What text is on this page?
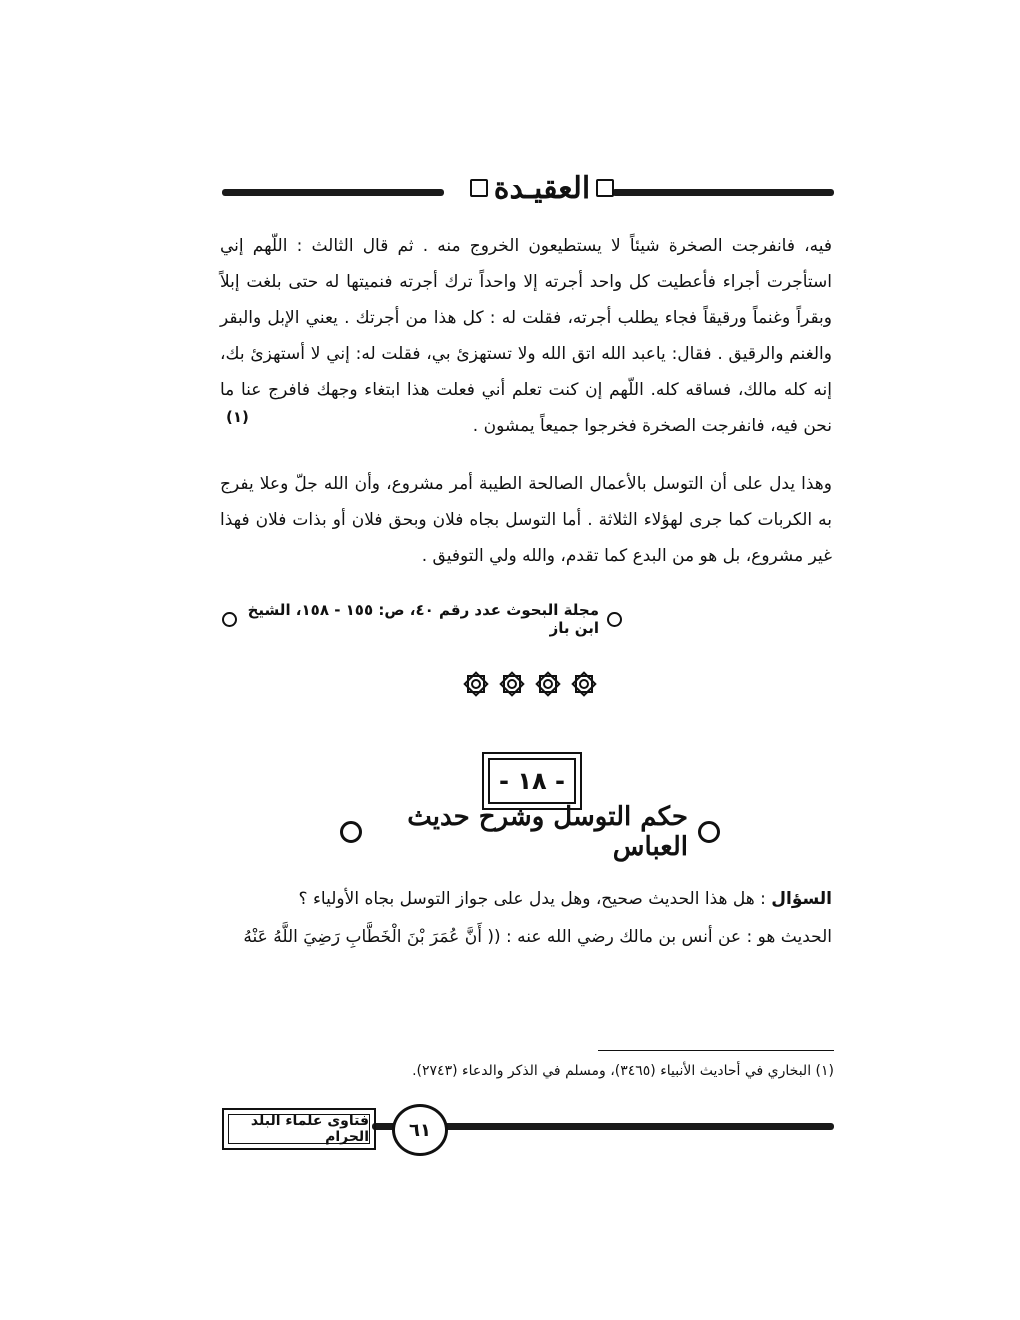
العقيـدة

فيه، فانفرجت الصخرة شيئاً لا يستطيعون الخروج منه . ثم قال الثالث : اللّهم إني استأجرت أجراء فأعطيت كل واحد أجرته إلا واحداً ترك أجرته فنميتها له حتى بلغت إبلاً وبقراً وغنماً ورقيقاً فجاء يطلب أجرته، فقلت له : كل هذا من أجرتك . يعني الإبل والبقر والغنم والرقيق . فقال: ياعبد الله اتق الله ولا تستهزئ بي، فقلت له: إني لا أستهزئ بك، إنه كله مالك، فساقه كله. اللّهم إن كنت تعلم أني فعلت هذا ابتغاء وجهك فافرج عنا ما نحن فيه، فانفرجت الصخرة فخرجوا جميعاً يمشون .

(١)

وهذا يدل على أن التوسل بالأعمال الصالحة الطيبة أمر مشروع، وأن الله جلّ وعلا يفرج به الكربات كما جرى لهؤلاء الثلاثة . أما التوسل بجاه فلان وبحق فلان أو بذات فلان فهذا غير مشروع، بل هو من البدع كما تقدم، والله ولي التوفيق .

مجلة البحوث عدد رقم ٤٠، ص: ١٥٥ - ١٥٨، الشيخ ابن باز
- ١٨ -
حكم التوسل وشرح حديث العباس
السؤال : هل هذا الحديث صحيح، وهل يدل على جواز التوسل بجاه الأولياء ؟
الحديث هو : عن أنس بن مالك رضي الله عنه : (( أَنَّ عُمَرَ بْنَ الْخَطَّابِ رَضِيَ اللَّهُ عَنْهُ
(١) البخاري في أحاديث الأنبياء (٣٤٦٥)، ومسلم في الذكر والدعاء (٢٧٤٣).
فتاوى علماء البلد الحرام	٦١
